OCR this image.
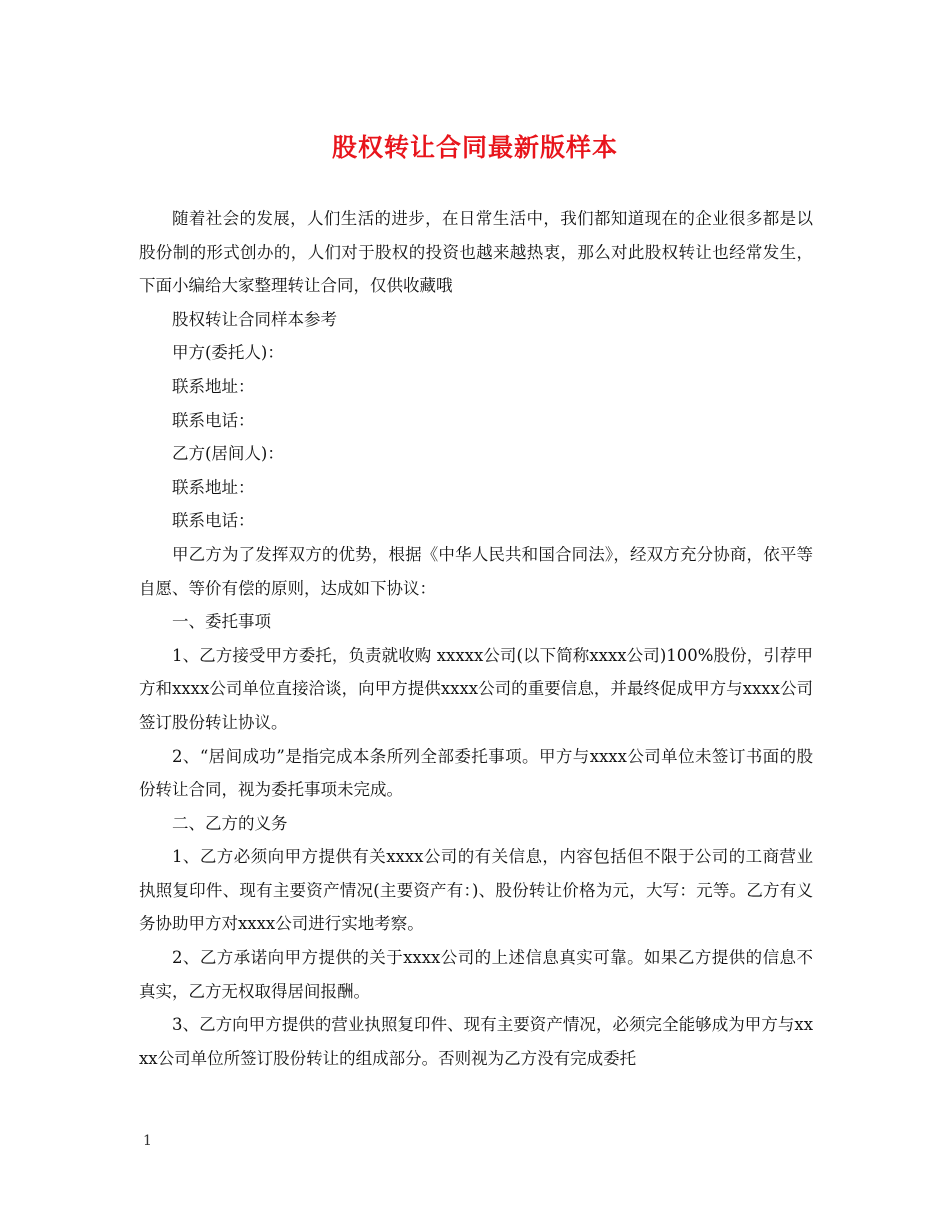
股权转让合同最新版样本

随着社会的发展，人们生活的进步，在日常生活中，我们都知道现在的企业很多都是以股份制的形式创办的，人们对于股权的投资也越来越热衷，那么对此股权转让也经常发生，下面小编给大家整理转让合同，仅供收藏哦

股权转让合同样本参考

甲方(委托人)：

联系地址：

联系电话：

乙方(居间人)：

联系地址：

联系电话：

甲乙方为了发挥双方的优势，根据《中华人民共和国合同法》，经双方充分协商，依平等自愿、等价有偿的原则，达成如下协议：

一、委托事项

1、乙方接受甲方委托，负责就收购 xxxxx公司(以下简称xxxx公司)100%股份，引荐甲方和xxxx公司单位直接洽谈，向甲方提供xxxx公司的重要信息，并最终促成甲方与xxxx公司签订股份转让协议。

2、“居间成功”是指完成本条所列全部委托事项。甲方与xxxx公司单位未签订书面的股份转让合同，视为委托事项未完成。

二、乙方的义务

1、乙方必须向甲方提供有关xxxx公司的有关信息，内容包括但不限于公司的工商营业执照复印件、现有主要资产情况(主要资产有：)、股份转让价格为元，大写：元等。乙方有义务协助甲方对xxxx公司进行实地考察。

2、乙方承诺向甲方提供的关于xxxx公司的上述信息真实可靠。如果乙方提供的信息不真实，乙方无权取得居间报酬。

3、乙方向甲方提供的营业执照复印件、现有主要资产情况，必须完全能够成为甲方与xxxx公司单位所签订股份转让的组成部分。否则视为乙方没有完成委托

1
